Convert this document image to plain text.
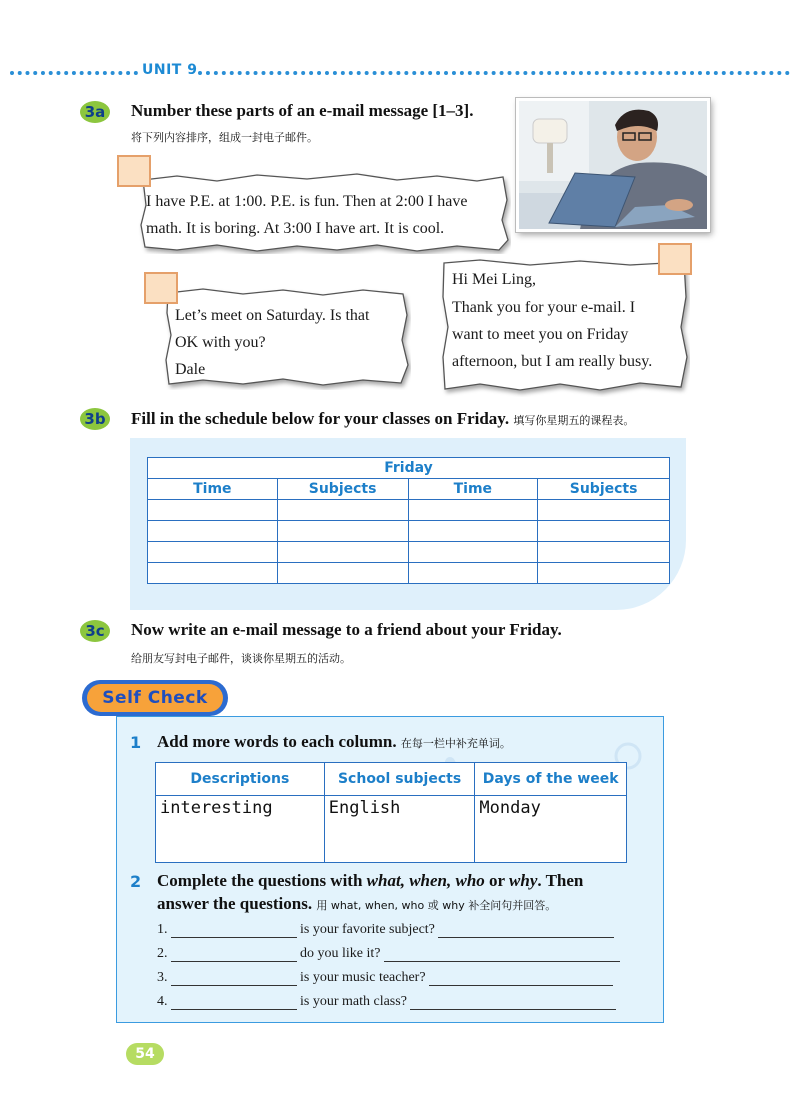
UNIT 9
3a Number these parts of an e-mail message [1–3].
将下列内容排序，组成一封电子邮件。
I have P.E. at 1:00. P.E. is fun. Then at 2:00 I have
math. It is boring. At 3:00 I have art. It is cool.
Let’s meet on Saturday. Is that
OK with you?
Dale
Hi Mei Ling,
Thank you for your e-mail. I
want to meet you on Friday
afternoon, but I am really busy.
3b Fill in the schedule below for your classes on Friday. 填写你星期五的课程表。
Friday			
Time	Subjects	Time	Subjects

3c	Now write an e-mail message to a friend about your Friday.
给朋友写封电子邮件，谈谈你星期五的活动。
Self Check
1 Add more words to each column. 在每一栏中补充单词。
Descriptions	School subjects	Days of the week
interesting	English	Monday
2 Complete the questions with what, when, who or why. Then
answer the questions. 用 what, when, who 或 why 补全问句并回答。
1.
	is your favorite subject?

2.
	do you like it?

3.
	is your music teacher?

4.
	is your math class?

54
